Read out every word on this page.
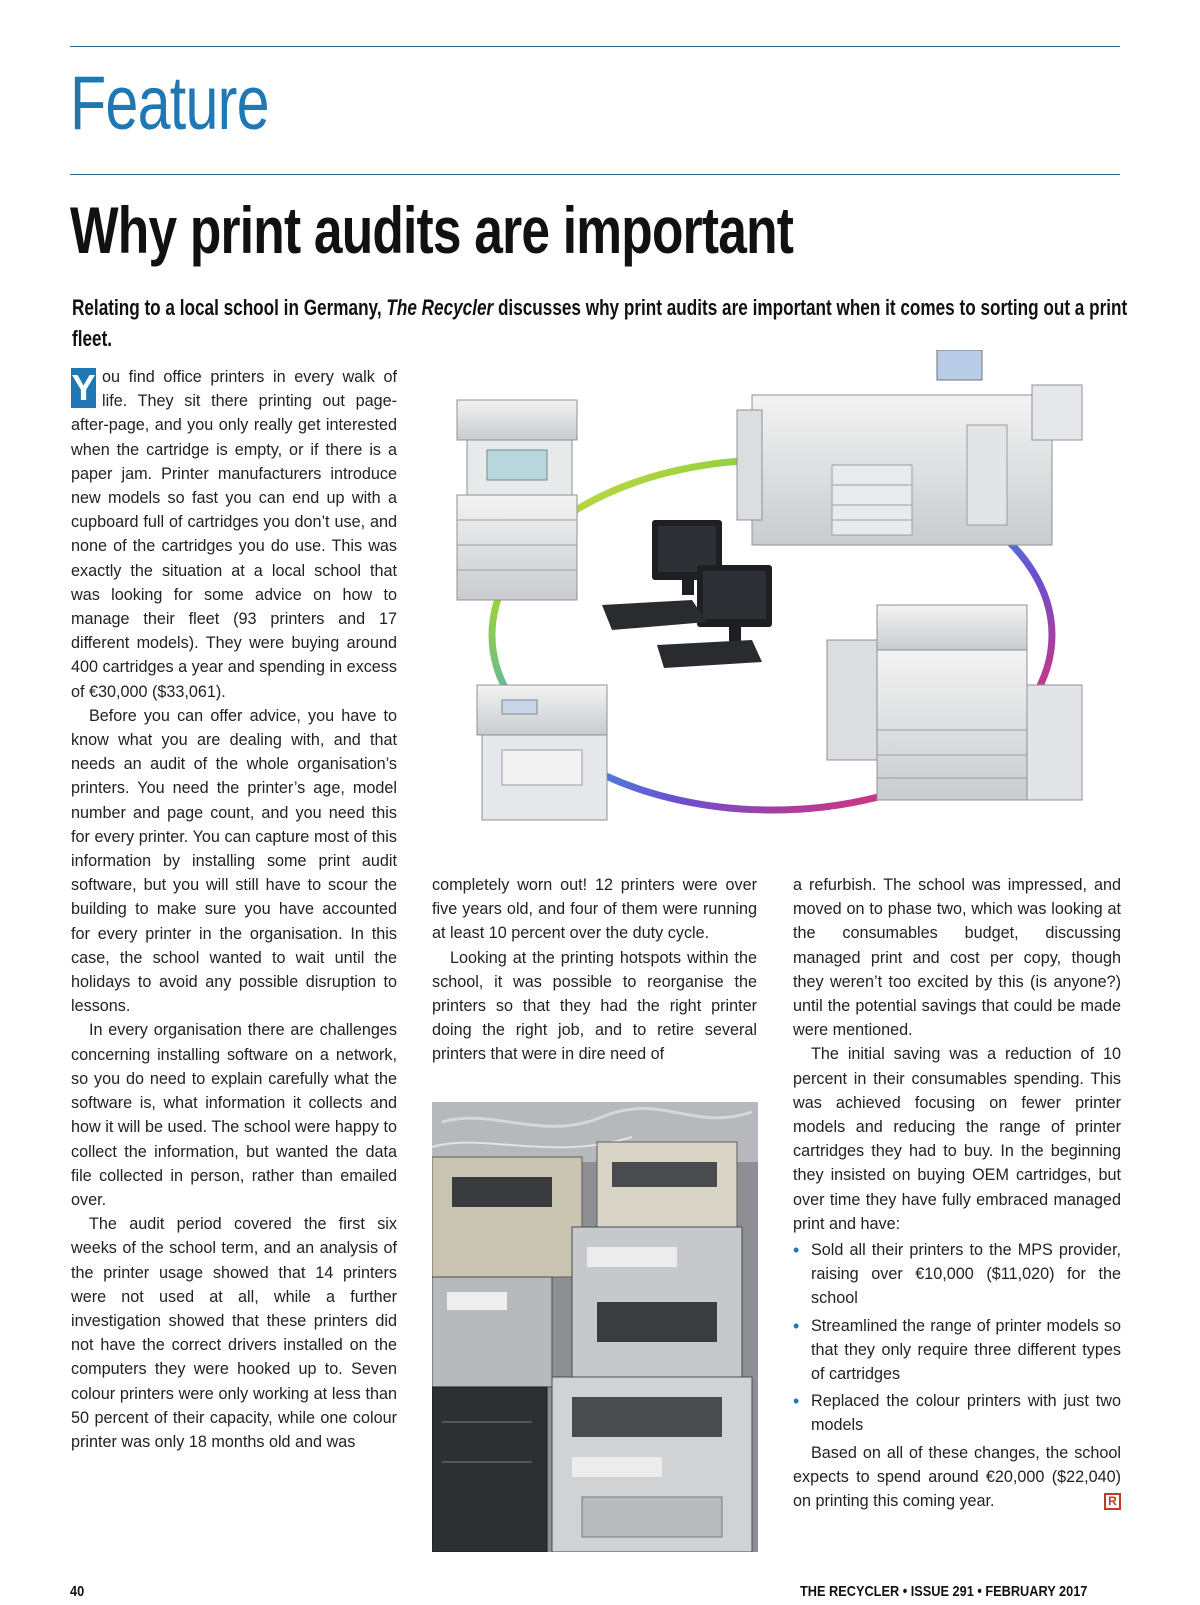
Feature
Why print audits are important

Relating to a local school in Germany, The Recycler discusses why print audits are important when it comes to sorting out a print fleet.

Y ou find office printers in every walk of life. They sit there printing out page-after-page, and you only really get interested when the cartridge is empty, or if there is a paper jam. Printer manufacturers introduce new models so fast you can end up with a cupboard full of cartridges you don’t use, and none of the cartridges you do use. This was exactly the situation at a local school that was looking for some advice on how to manage their fleet (93 printers and 17 different models). They were buying around 400 cartridges a year and spending in excess of €30,000 ($33,061).

Before you can offer advice, you have to know what you are dealing with, and that needs an audit of the whole organisation’s printers. You need the printer’s age, model number and page count, and you need this for every printer. You can capture most of this information by installing some print audit software, but you will still have to scour the building to make sure you have accounted for every printer in the organisation. In this case, the school wanted to wait until the holidays to avoid any possible disruption to lessons.

In every organisation there are challenges concerning installing software on a network, so you do need to explain carefully what the software is, what information it collects and how it will be used. The school were happy to collect the information, but wanted the data file collected in person, rather than emailed over.

The audit period covered the first six weeks of the school term, and an analysis of the printer usage showed that 14 printers were not used at all, while a further investigation showed that these printers did not have the correct drivers installed on the computers they were hooked up to. Seven colour printers were only working at less than 50 percent of their capacity, while one colour printer was only 18 months old and was

completely worn out! 12 printers were over five years old, and four of them were running at least 10 percent over the duty cycle.

Looking at the printing hotspots within the school, it was possible to reorganise the printers so that they had the right printer doing the right job, and to retire several printers that were in dire need of

a refurbish. The school was impressed, and moved on to phase two, which was looking at the consumables budget, discussing managed print and cost per copy, though they weren’t too excited by this (is anyone?) until the potential savings that could be made were mentioned.

The initial saving was a reduction of 10 percent in their consumables spending. This was achieved focusing on fewer printer models and reducing the range of printer cartridges they had to buy. In the beginning they insisted on buying OEM cartridges, but over time they have fully embraced managed print and have:

• Sold all their printers to the MPS provider, raising over €10,000 ($11,020) for the school
• Streamlined the range of printer models so that they only require three different types of cartridges
• Replaced the colour printers with just two models

Based on all of these changes, the school expects to spend around €20,000 ($22,040) on printing this coming year.	R

40	THE RECYCLER • ISSUE 291 • FEBRUARY 2017
